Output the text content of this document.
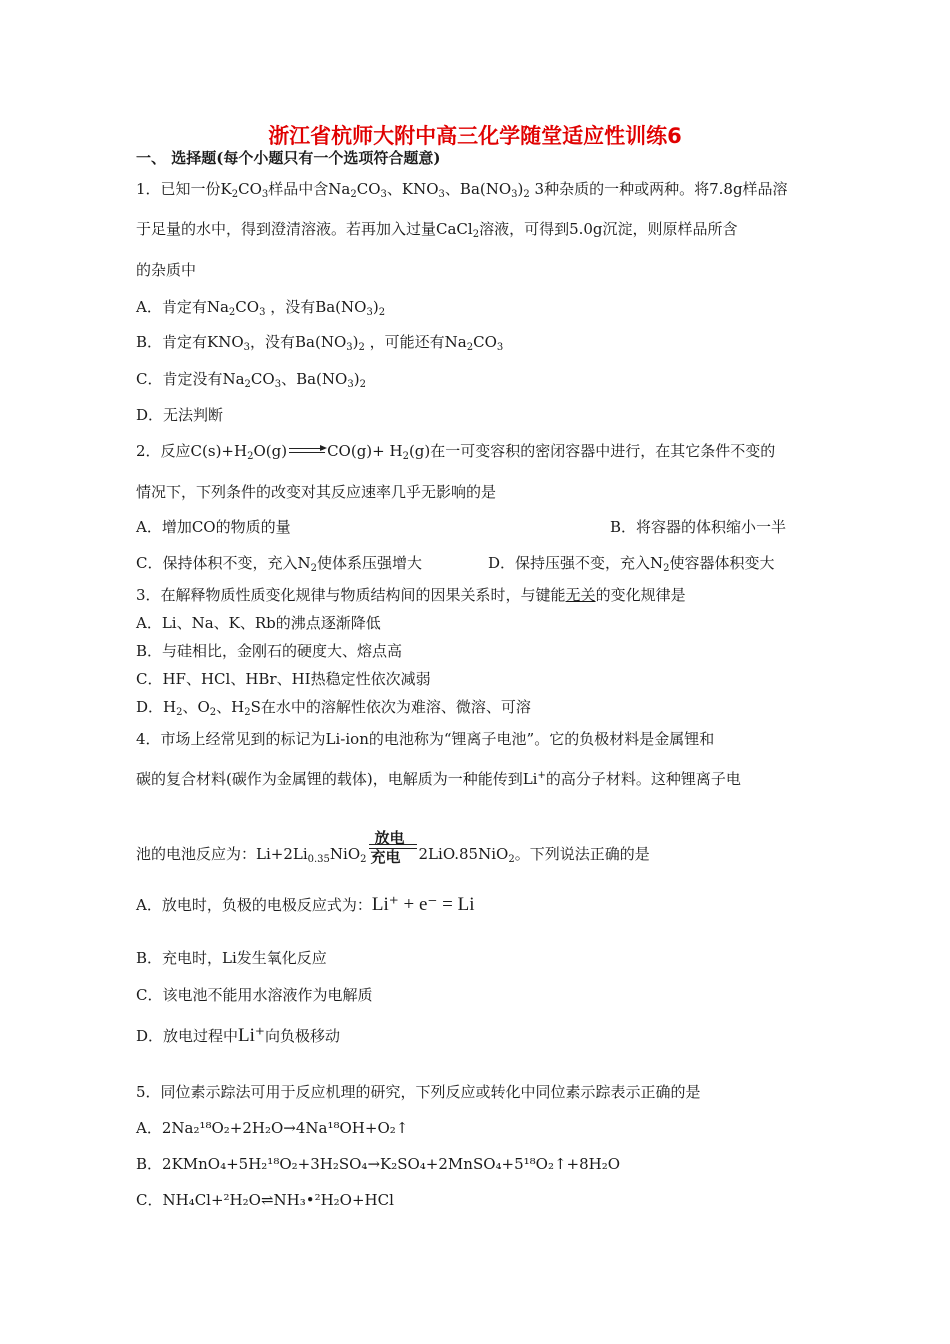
浙江省杭师大附中高三化学随堂适应性训练6
一、 选择题(每个小题只有一个选项符合题意)
1．已知一份$K_2CO_3$样品中含$Na_2CO_3$、$KNO_3$、$Ba(NO_3)_2$ 3种杂质的一种或两种。将7.8g样品溶
于足量的水中，得到澄清溶液。若再加入过量CaCl$_2$溶液，可得到5.0g沉淀，则原样品所含
的杂质中
A．肯定有$Na_2CO_3$ ，没有$Ba(NO_3)_2$
B．肯定有$KNO_3$，没有$Ba(NO_3)_2$ ，可能还有$Na_2CO_3$
C．肯定没有$Na_2CO_3$、$Ba(NO_3)_2$
D．无法判断
2．反应$C(s)+H_2O(g)$	$CO(g)+ H_2(g)$在一可变容积的密闭容器中进行，在其它条件不变的
情况下，下列条件的改变对其反应速率几乎无影响的是
A．增加CO的物质的量	B．将容器的体积缩小一半
C．保持体积不变，充入$N_2$使体系压强增大	D．保持压强不变，充入$N_2$使容器体积变大
3．在解释物质性质变化规律与物质结构间的因果关系时，与键能无关的变化规律是
A．Li、Na、K、Rb的沸点逐渐降低
B．与硅相比，金刚石的硬度大、熔点高
C．HF、HCl、HBr、HI热稳定性依次减弱
D．$H_2$、$O_2$、$H_2S$在水中的溶解性依次为难溶、微溶、可溶
4．市场上经常见到的标记为Li-ion的电池称为“锂离子电池”。它的负极材料是金属锂和
碳的复合材料(碳作为金属锂的载体)，电解质为一种能传到Li+的高分子材料。这种锂离子电
池的电池反应为：$Li+2Li_{0.35}NiO_2$
放电
充电 2LiO.85NiO$_2$。下列说法正确的是
A．放电时，负极的电极反应式为：Li⁺ + e⁻ = Li
B．充电时，Li发生氧化反应
C．该电池不能用水溶液作为电解质
D．放电过程中Li⁺向负极移动
5．同位素示踪法可用于反应机理的研究，下列反应或转化中同位素示踪表示正确的是
A．2Na₂¹⁸O₂+2H₂O→4Na¹⁸OH+O₂↑
B．2KMnO₄+5H₂¹⁸O₂+3H₂SO₄→K₂SO₄+2MnSO₄+5¹⁸O₂↑+8H₂O
C．NH₄Cl+²H₂O⇌NH₃•²H₂O+HCl
